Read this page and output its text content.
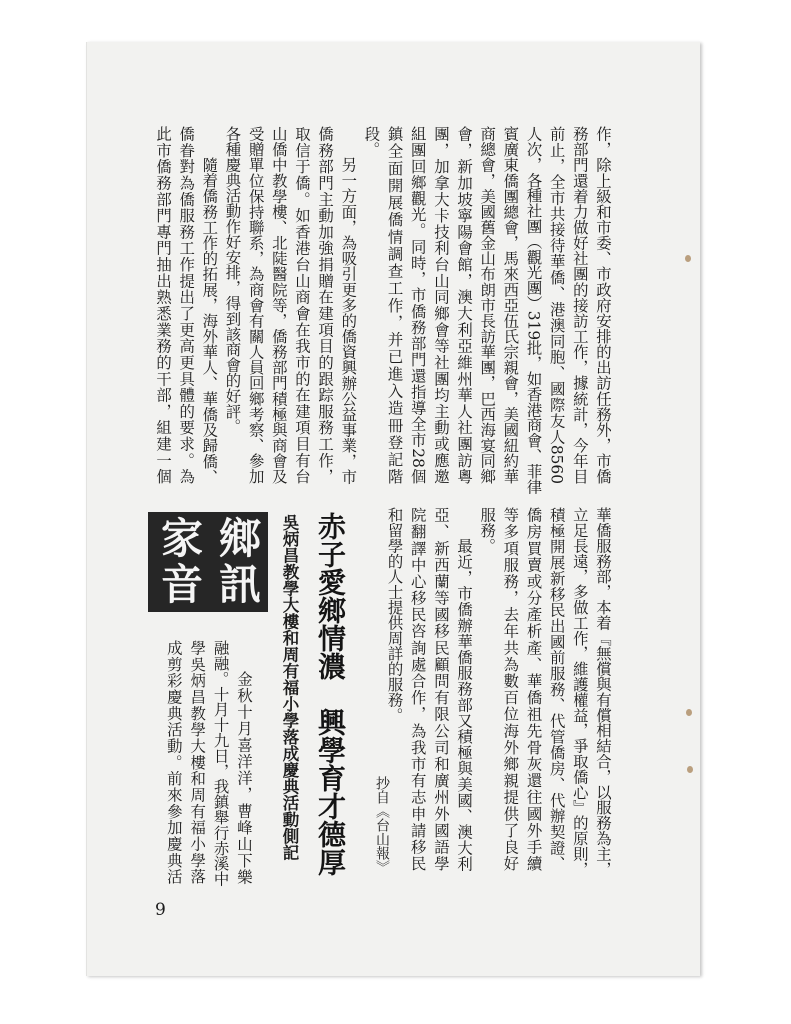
作，除上級和市委、市政府安排的出訪任務外，市僑
務部門還着力做好社團的接訪工作，據統計，今年目
前止，全市共接待華僑、港澳同胞、國際友人8560
人次，各種社團（觀光團）319批，如香港商會、菲律
賓廣東僑團總會，馬來西亞伍氏宗親會，美國紐約華
商總會，美國舊金山布朗市長訪華團，巴西海宴同鄉
會，新加坡寧陽會館，澳大利亞維州華人社團訪粵
團，加拿大卡技利台山同鄉會等社團均主動或應邀
組團回鄉觀光。同時，市僑務部門還指導全市28個
鎮全面開展僑情調查工作，并已進入造冊登記階
段。
另一方面，為吸引更多的僑資興辦公益事業，市
僑務部門主動加強捐贈在建項目的跟踪服務工作，
取信于僑。如香港台山商會在我市的在建項目有台
山僑中教學樓、北陡醫院等，僑務部門積極與商會及
受贈單位保持聯系，為商會有關人員回鄉考察、參加
各種慶典活動作好安排，得到該商會的好評。
隨着僑務工作的拓展，海外華人、華僑及歸僑、
僑眷對為僑服務工作提出了更高更具體的要求。為
此市僑務部門專門抽出熟悉業務的干部，組建一個
華僑服務部，本着『無償與有償相結合，以服務為主，
立足長遠，多做工作，維護權益，爭取僑心』的原則，
積極開展新移民出國前服務、代管僑房、代辦契證、
僑房買賣或分產析產、華僑祖先骨灰還往國外手續
等多項服務，去年共為數百位海外鄉親提供了良好
服務。
最近，市僑辦華僑服務部又積極與美國、澳大利
亞、新西蘭等國移民顧問有限公司和廣州外國語學
院翻譯中心移民咨詢處合作，為我市有志申請移民
和留學的人士提供周詳的服務。
抄自《台山報》
赤子愛鄉情濃　興學育才德厚
吳炳昌教學大樓和周有福小學落成慶典活動側記
鄉訊
家音
金秋十月喜洋洋，曹峰山下樂
融融。十月十九日，我鎮舉行赤溪中
學吳炳昌教學大樓和周有福小學落
成剪彩慶典活動。前來參加慶典活
9
